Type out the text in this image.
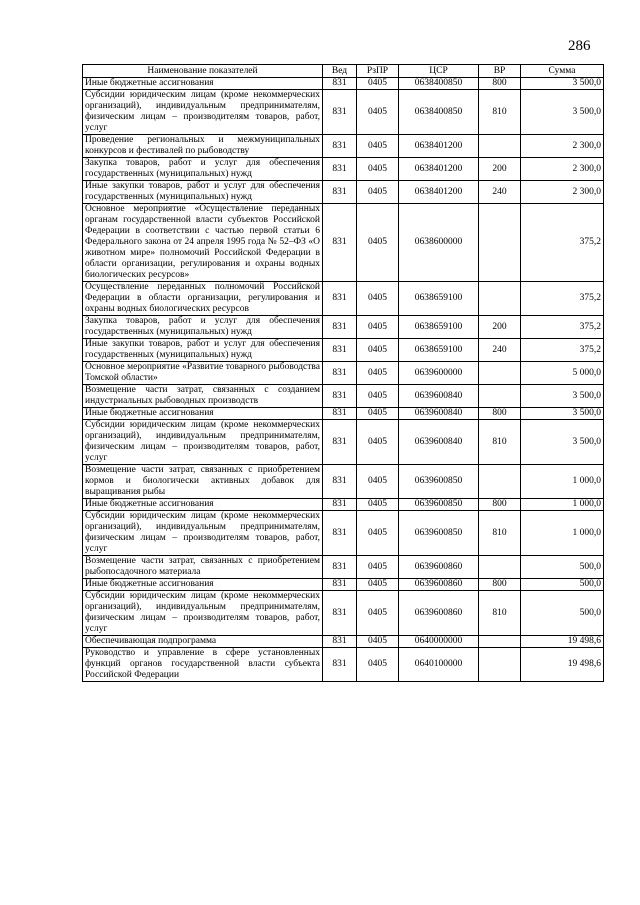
286
Наименование показателей	Вед	РзПР	ЦСР	ВР	Сумма
Иные бюджетные ассигнования	831	0405	0638400850	800	3 500,0
Субсидии юридическим лицам (кроме некоммерческих организаций), индивидуальным предпринимателям, физическим лицам – производителям товаров, работ, услуг	831	0405	0638400850	810	3 500,0
Проведение региональных и межмуниципальных конкурсов и фестивалей по рыбоводству	831	0405	0638401200		2 300,0
Закупка товаров, работ и услуг для обеспечения государственных (муниципальных) нужд	831	0405	0638401200	200	2 300,0
Иные закупки товаров, работ и услуг для обеспечения государственных (муниципальных) нужд	831	0405	0638401200	240	2 300,0
Основное мероприятие «Осуществление переданных органам государственной власти субъектов Российской Федерации в соответствии с частью первой статьи 6 Федерального закона от 24 апреля 1995 года № 52–ФЗ «О животном мире» полномочий Российской Федерации в области организации, регулирования и охраны водных биологических ресурсов»	831	0405	0638600000		375,2
Осуществление переданных полномочий Российской Федерации в области организации, регулирования и охраны водных биологических ресурсов	831	0405	0638659100		375,2
Закупка товаров, работ и услуг для обеспечения государственных (муниципальных) нужд	831	0405	0638659100	200	375,2
Иные закупки товаров, работ и услуг для обеспечения государственных (муниципальных) нужд	831	0405	0638659100	240	375,2
Основное мероприятие «Развитие товарного рыбоводства Томской области»	831	0405	0639600000		5 000,0
Возмещение части затрат, связанных с созданием индустриальных рыбоводных производств	831	0405	0639600840		3 500,0
Иные бюджетные ассигнования	831	0405	0639600840	800	3 500,0
Субсидии юридическим лицам (кроме некоммерческих организаций), индивидуальным предпринимателям, физическим лицам – производителям товаров, работ, услуг	831	0405	0639600840	810	3 500,0
Возмещение части затрат, связанных с приобретением кормов и биологически активных добавок для выращивания рыбы	831	0405	0639600850		1 000,0
Иные бюджетные ассигнования	831	0405	0639600850	800	1 000,0
Субсидии юридическим лицам (кроме некоммерческих организаций), индивидуальным предпринимателям, физическим лицам – производителям товаров, работ, услуг	831	0405	0639600850	810	1 000,0
Возмещение части затрат, связанных с приобретением рыбопосадочного материала	831	0405	0639600860		500,0
Иные бюджетные ассигнования	831	0405	0639600860	800	500,0
Субсидии юридическим лицам (кроме некоммерческих организаций), индивидуальным предпринимателям, физическим лицам – производителям товаров, работ, услуг	831	0405	0639600860	810	500,0
Обеспечивающая подпрограмма	831	0405	0640000000		19 498,6
Руководство и управление в сфере установленных функций органов государственной власти субъекта Российской Федерации	831	0405	0640100000		19 498,6
